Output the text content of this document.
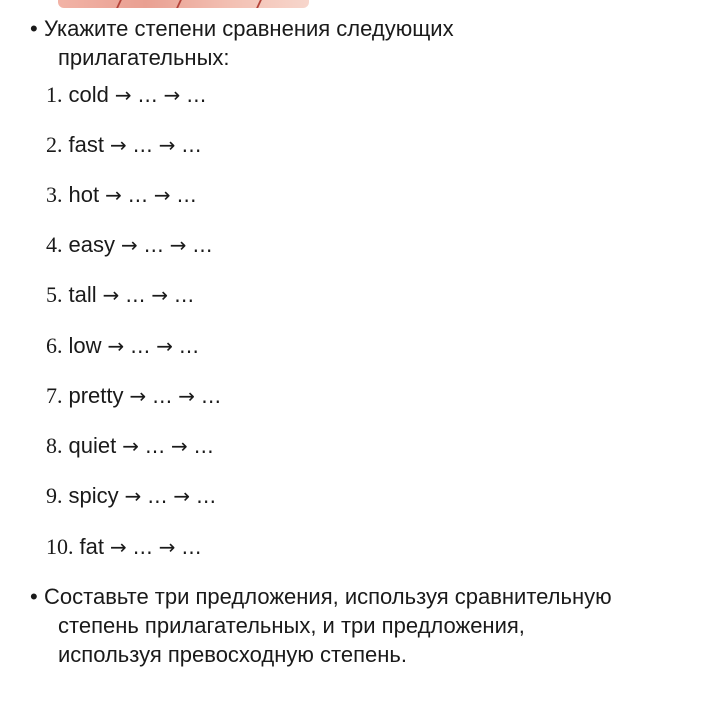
• Укажите степени сравнения следующих
прилагательных:
1. cold → … → …
2. fast → … → …
3. hot → … → …
4. easy → … → …
5. tall → … → …
6. low → … → …
7. pretty → … → …
8. quiet → … → …
9. spicy → … → …
10. fat → … → …
• Составьте три предложения, используя сравнительную
степень прилагательных, и три предложения,
используя превосходную степень.
